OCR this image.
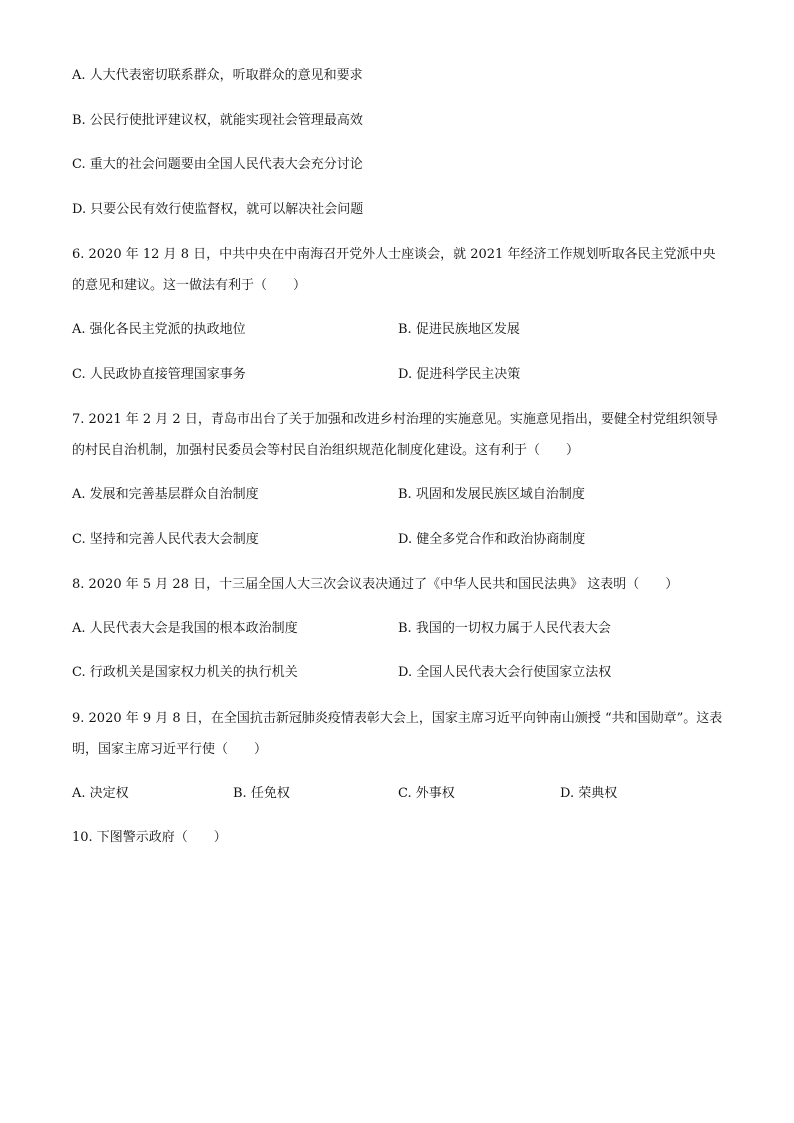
A. 人大代表密切联系群众，听取群众的意见和要求
B. 公民行使批评建议权，就能实现社会管理最高效
C. 重大的社会问题要由全国人民代表大会充分讨论
D. 只要公民有效行使监督权，就可以解决社会问题
6. 2020 年 12 月 8 日，中共中央在中南海召开党外人士座谈会，就 2021 年经济工作规划听取各民主党派中央的意见和建议。这一做法有利于（　　）
A. 强化各民主党派的执政地位	B. 促进民族地区发展
C. 人民政协直接管理国家事务	D. 促进科学民主决策
7. 2021 年 2 月 2 日，青岛市出台了关于加强和改进乡村治理的实施意见。实施意见指出，要健全村党组织领导的村民自治机制，加强村民委员会等村民自治组织规范化制度化建设。这有利于（　　）
A. 发展和完善基层群众自治制度	B. 巩固和发展民族区域自治制度
C. 坚持和完善人民代表大会制度	D. 健全多党合作和政治协商制度
8. 2020 年 5 月 28 日，十三届全国人大三次会议表决通过了《中华人民共和国民法典》 这表明（　　）
A. 人民代表大会是我国的根本政治制度	B. 我国的一切权力属于人民代表大会
C. 行政机关是国家权力机关的执行机关	D. 全国人民代表大会行使国家立法权
9. 2020 年 9 月 8 日，在全国抗击新冠肺炎疫情表彰大会上，国家主席习近平向钟南山颁授 “共和国勋章”。这表明，国家主席习近平行使（　　）
A. 决定权	B. 任免权	C. 外事权	D. 荣典权
10. 下图警示政府（　　）
